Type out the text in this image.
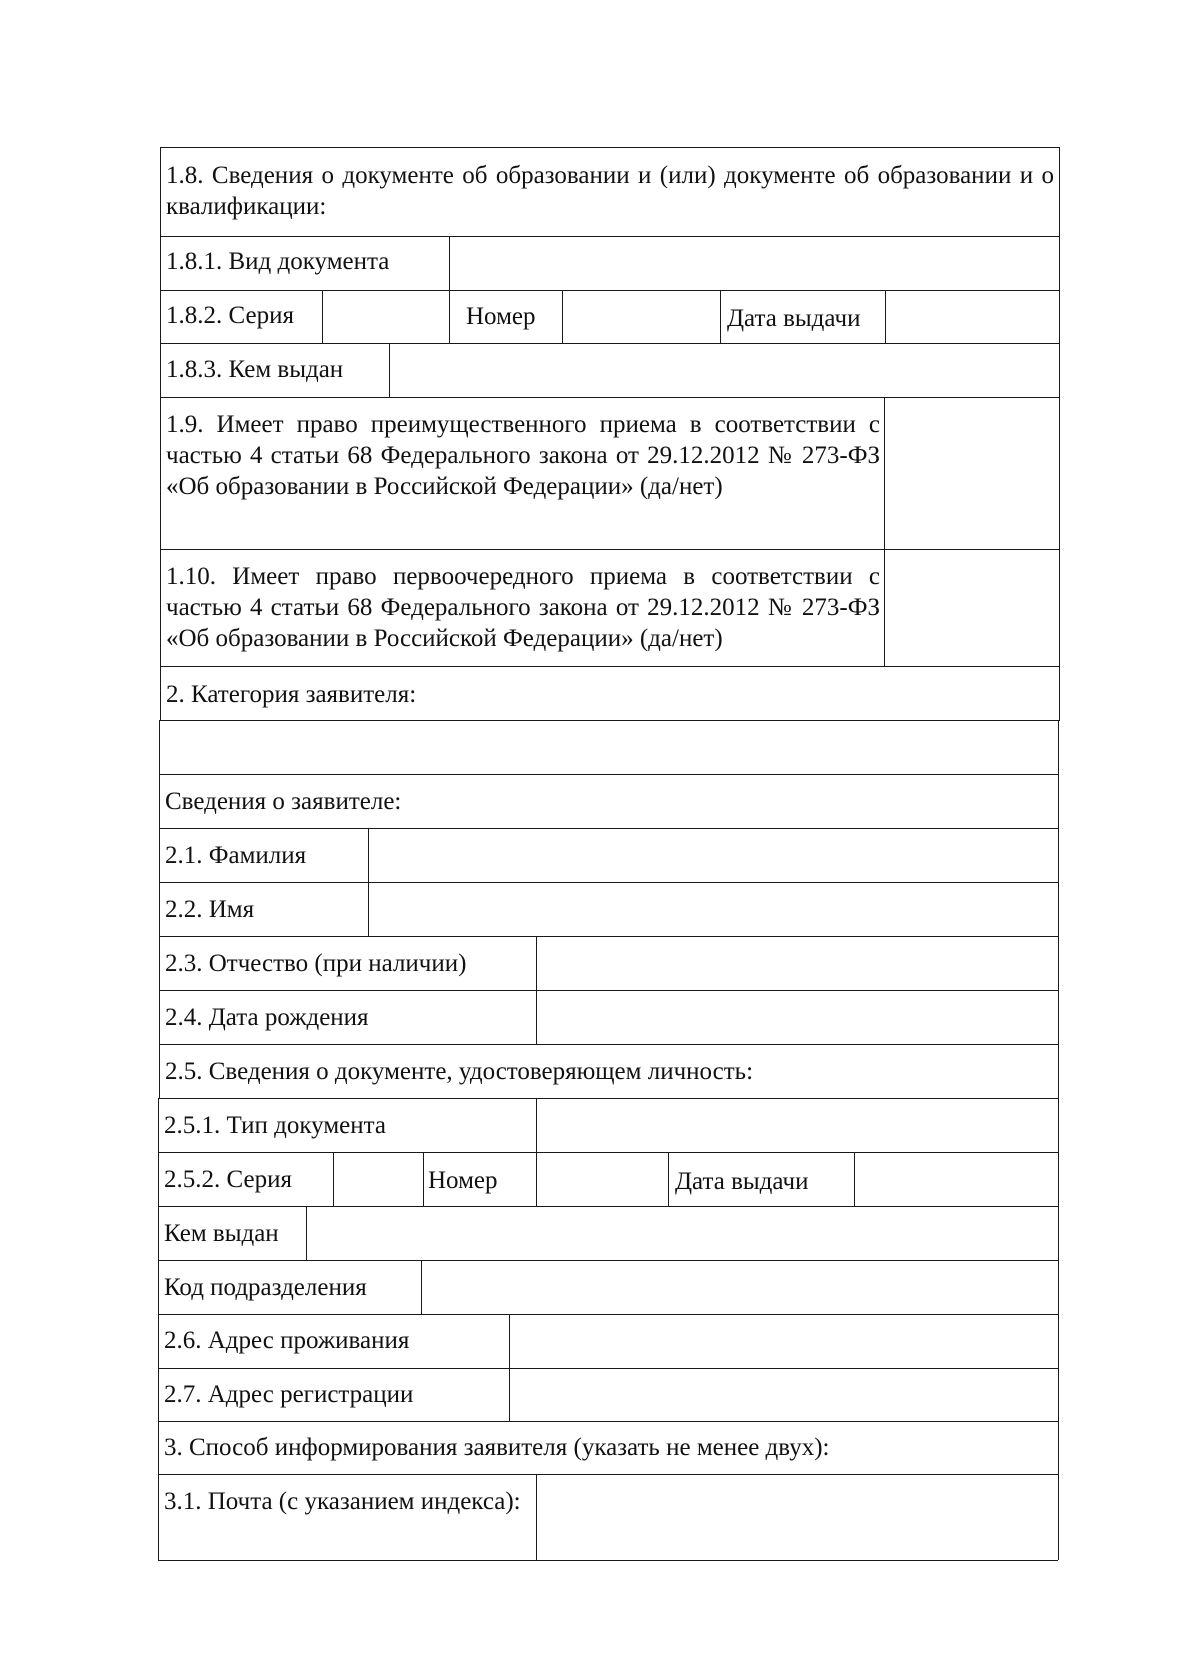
1.8. Сведения о документе об образовании и (или) документе об образовании и о квалификации:
1.8.1. Вид документа
1.8.2. Серия	Номер	Дата выдачи
1.8.3. Кем выдан
1.9. Имеет право преимущественного приема в соответствии с частью 4 статьи 68 Федерального закона от 29.12.2012 № 273-ФЗ «Об образовании в Российской Федерации» (да/нет)
1.10. Имеет право первоочередного приема в соответствии с частью 4 статьи 68 Федерального закона от 29.12.2012 № 273-ФЗ «Об образовании в Российской Федерации» (да/нет)
2. Категория заявителя:
Сведения о заявителе:
2.1. Фамилия
2.2. Имя
2.3. Отчество (при наличии)
2.4. Дата рождения
2.5. Сведения о документе, удостоверяющем личность:
2.5.1. Тип документа
2.5.2. Серия	Номер	Дата выдачи
Кем выдан
Код подразделения
2.6. Адрес проживания
2.7. Адрес регистрации
3. Способ информирования заявителя (указать не менее двух):
3.1. Почта (с указанием индекса):
